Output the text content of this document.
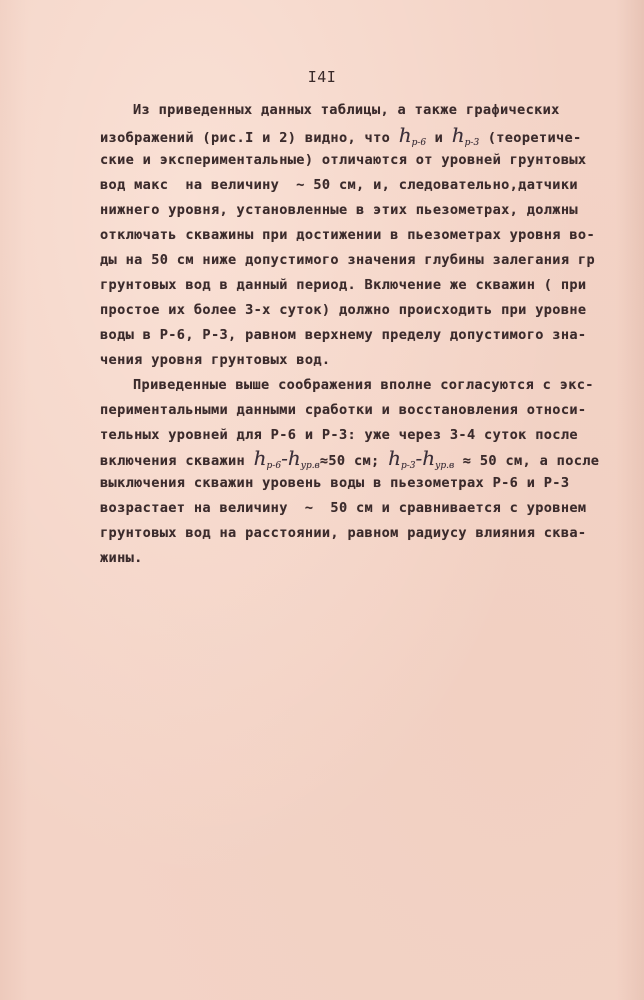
I4I
Из приведенных данных таблицы, а также графических
изображений (рис.I и 2) видно, что $h_{р-6}$ и $h_{р-3}$ (теоретиче-
ские и экспериментальные) отличаются от уровней грунтовых
вод макс  на величину  ∼ 50 см, и, следовательно,датчики
нижнего уровня, установленные в этих пьезометрах, должны
отключать скважины при достижении в пьезометрах уровня во-
ды на 50 см ниже допустимого значения глубины залегания гр
грунтовых вод в данный период. Включение же скважин ( при
простое их более 3-х суток) должно происходить при уровне
воды в Р-6, Р-3, равном верхнему пределу допустимого зна-
чения уровня грунтовых вод.
Приведенные выше соображения вполне согласуются с экс-
периментальными данными сработки и восстановления относи-
тельных уровней для Р-6 и Р-3: уже через 3-4 суток после
включения скважин $h_{р-6}-h_{ур.в}\approx 50$ см; $h_{р-3}-h_{ур.в} \approx 50$ см, а после
выключения скважин уровень воды в пьезометрах Р-6 и Р-3
возрастает на величину  ∼  50 см и сравнивается с уровнем
грунтовых вод на расстоянии, равном радиусу влияния сква-
жины.
